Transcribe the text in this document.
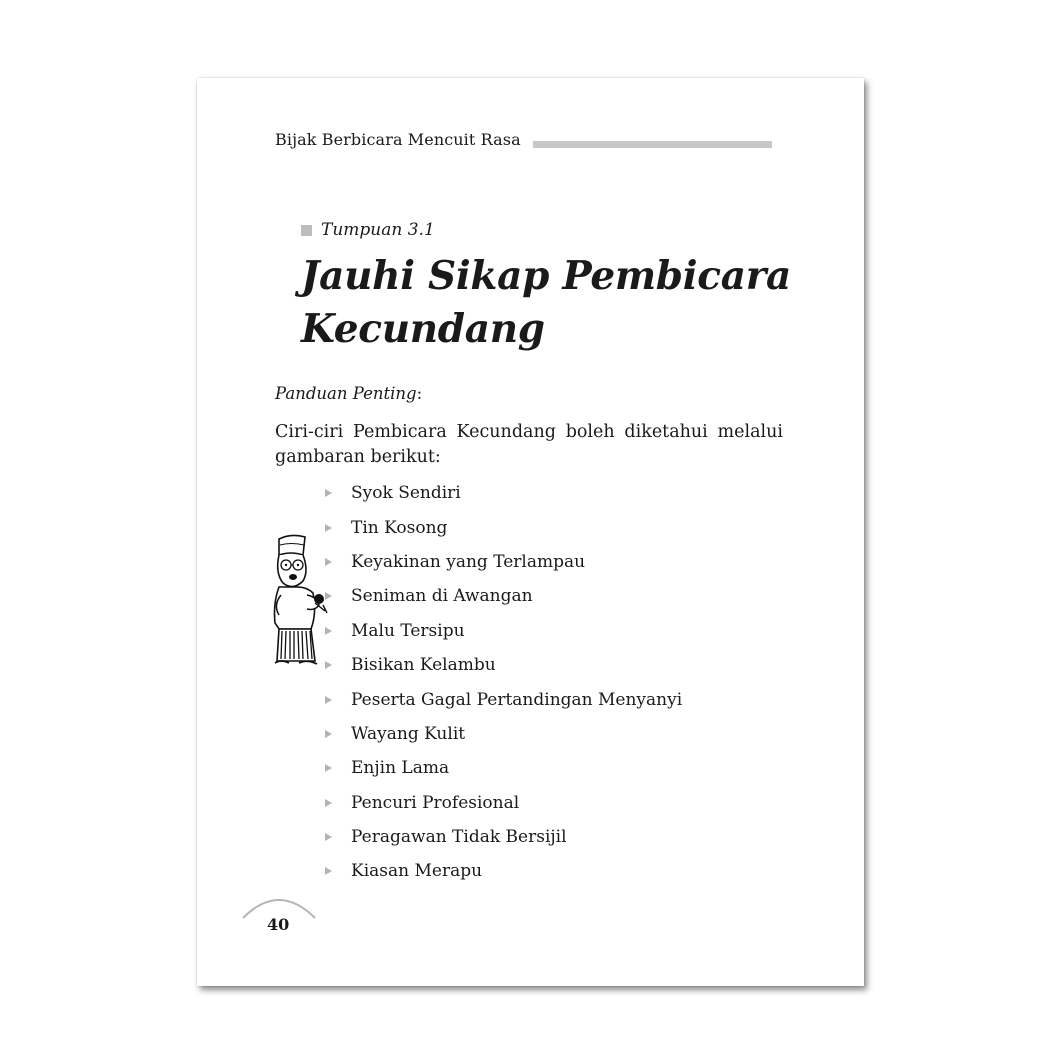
Bijak Berbicara Mencuit Rasa
Tumpuan 3.1
Jauhi Sikap Pembicara
Kecundang
Panduan Penting:
Ciri-ciri Pembicara Kecundang boleh diketahui melalui gambaran berikut:
Syok Sendiri
Tin Kosong
Keyakinan yang Terlampau
Seniman di Awangan
Malu Tersipu
Bisikan Kelambu
Peserta Gagal Pertandingan Menyanyi
Wayang Kulit
Enjin Lama
Pencuri Profesional
Peragawan Tidak Bersijil
Kiasan Merapu
40
